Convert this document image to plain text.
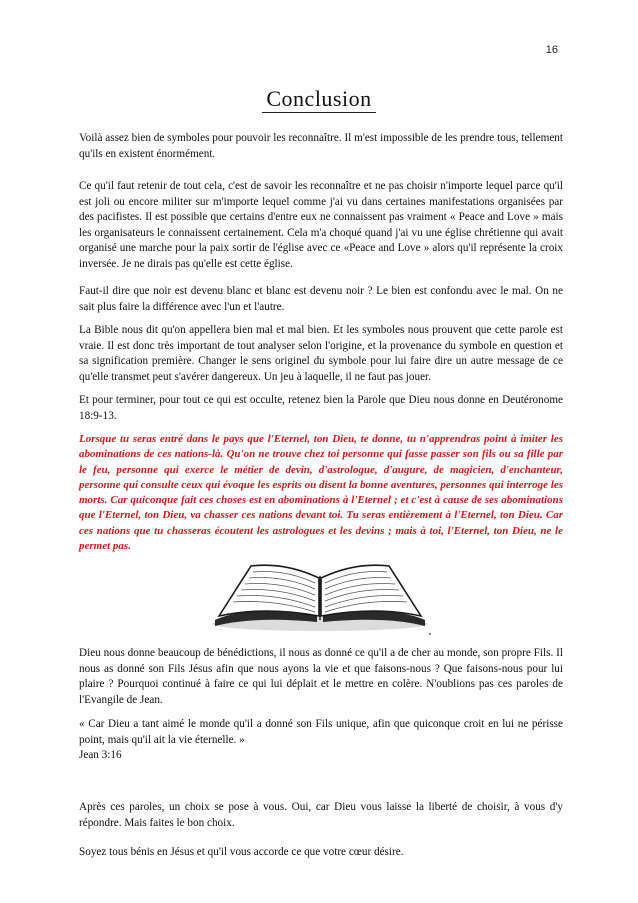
16
Conclusion

Voilà assez bien de symboles pour pouvoir les reconnaître. Il m'est impossible de les prendre tous, tellement qu'ils en existent énormément.

Ce qu'il faut retenir de tout cela, c'est de savoir les reconnaître et ne pas choisir n'importe lequel parce qu'il est joli ou encore militer sur m'importe lequel comme j'ai vu dans certaines manifestations organisées par des pacifistes. Il est possible que certains d'entre eux ne connaissent pas vraiment « Peace and Love » mais les organisateurs le connaissent certainement. Cela m'a choqué quand j'ai vu une église chrétienne qui avait organisé une marche pour la paix sortir de l'église avec ce «Peace and Love » alors qu'il représente la croix inversée. Je ne dirais pas qu'elle est cette église.

Faut-il dire que noir est devenu blanc et blanc est devenu noir ? Le bien est confondu avec le mal. On ne sait plus faire la différence avec l'un et l'autre.

La Bible nous dit qu'on appellera bien mal et mal bien. Et les symboles nous prouvent que cette parole est vraie. Il est donc très important de tout analyser selon l'origine, et la provenance du symbole en question et sa signification première. Changer le sens originel du symbole pour lui faire dire un autre message de ce qu'elle transmet peut s'avérer dangereux. Un jeu à laquelle, il ne faut pas jouer.

Et pour terminer, pour tout ce qui est occulte, retenez bien la Parole que Dieu nous donne en Deutéronome 18:9-13.

Lorsque tu seras entré dans le pays que l'Eternel, ton Dieu, te donne, tu n'apprendras point à imiter les abominations de ces nations-là. Qu'on ne trouve chez toi personne qui fasse passer son fils ou sa fille par le feu, personne qui exerce le métier de devin, d'astrologue, d'augure, de magicien, d'enchanteur, personne qui consulte ceux qui évoque les esprits ou disent la bonne aventures, personnes qui interroge les morts. Car quiconque fait ces choses est en abominations à l'Eternel ; et c'est à cause de ses abominations que l'Eternel, ton Dieu, va chasser ces nations devant toi. Tu seras entièrement à l'Eternel, ton Dieu. Car ces nations que tu chasseras écoutent les astrologues et les devins ; mais à toi, l'Eternel, ton Dieu, ne le permet pas.

Dieu nous donne beaucoup de bénédictions, il nous as donné ce qu'il a de cher au monde, son propre Fils. Il nous as donné son Fils Jésus afin que nous ayons la vie et que faisons-nous ? Que faisons-nous pour lui plaire ? Pourquoi continué à faire ce qui lui déplait et le mettre en colère. N'oublions pas ces paroles de l'Evangile de Jean.

« Car Dieu a tant aimé le monde qu'il a donné son Fils unique, afin que quiconque croit en lui ne périsse point, mais qu'il ait la vie éternelle. »

Jean 3:16

Après ces paroles, un choix se pose à vous. Oui, car Dieu vous laisse la liberté de choisir, à vous d'y répondre. Mais faites le bon choix.

Soyez tous bénis en Jésus et qu'il vous accorde ce que votre cœur désire.
